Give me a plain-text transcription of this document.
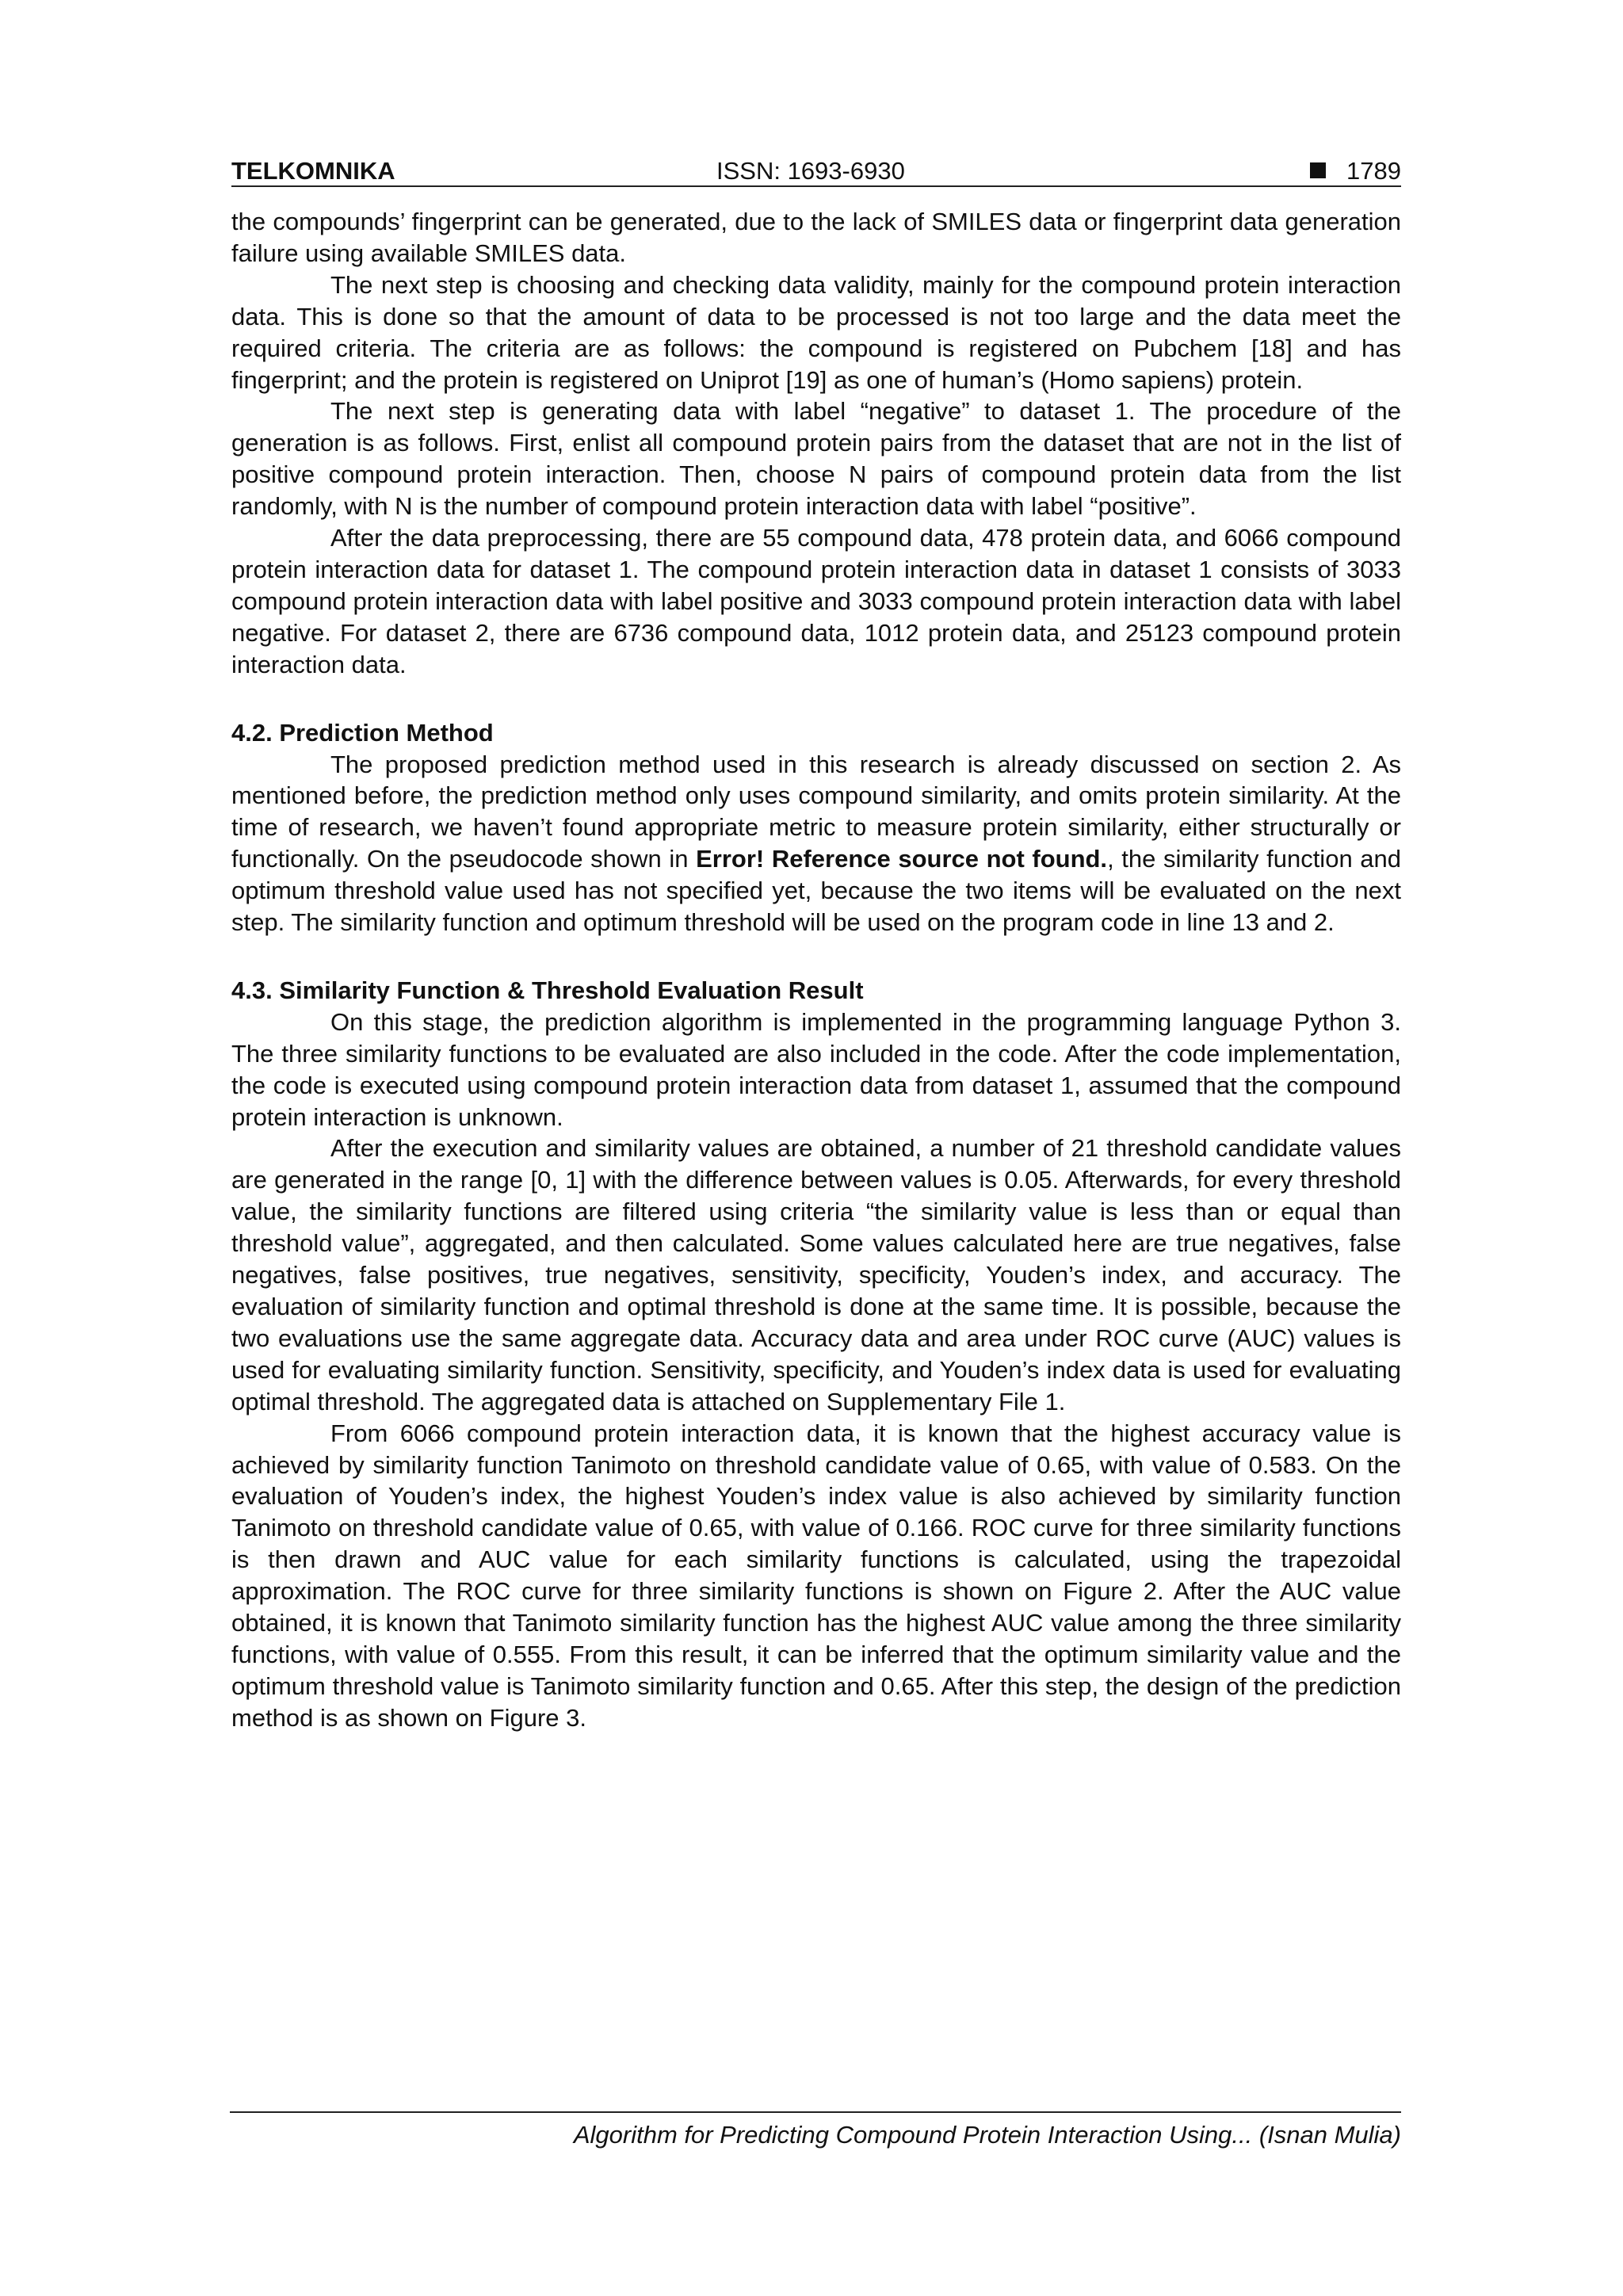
TELKOMNIKA	ISSN: 1693-6930	1789

the compounds’ fingerprint can be generated, due to the lack of SMILES data or fingerprint data generation failure using available SMILES data.

The next step is choosing and checking data validity, mainly for the compound protein interaction data. This is done so that the amount of data to be processed is not too large and the data meet the required criteria. The criteria are as follows: the compound is registered on Pubchem [18] and has fingerprint; and the protein is registered on Uniprot [19] as one of human’s (Homo sapiens) protein.

The next step is generating data with label “negative” to dataset 1. The procedure of the generation is as follows. First, enlist all compound protein pairs from the dataset that are not in the list of positive compound protein interaction. Then, choose N pairs of compound protein data from the list randomly, with N is the number of compound protein interaction data with label “positive”.

After the data preprocessing, there are 55 compound data, 478 protein data, and 6066 compound protein interaction data for dataset 1. The compound protein interaction data in dataset 1 consists of 3033 compound protein interaction data with label positive and 3033 compound protein interaction data with label negative. For dataset 2, there are 6736 compound data, 1012 protein data, and 25123 compound protein interaction data.

4.2. Prediction Method

The proposed prediction method used in this research is already discussed on section 2. As mentioned before, the prediction method only uses compound similarity, and omits protein similarity. At the time of research, we haven’t found appropriate metric to measure protein similarity, either structurally or functionally. On the pseudocode shown in Error! Reference source not found., the similarity function and optimum threshold value used has not specified yet, because the two items will be evaluated on the next step. The similarity function and optimum threshold will be used on the program code in line 13 and 2.

4.3. Similarity Function & Threshold Evaluation Result

On this stage, the prediction algorithm is implemented in the programming language Python 3. The three similarity functions to be evaluated are also included in the code. After the code implementation, the code is executed using compound protein interaction data from dataset 1, assumed that the compound protein interaction is unknown.

After the execution and similarity values are obtained, a number of 21 threshold candidate values are generated in the range [0, 1] with the difference between values is 0.05. Afterwards, for every threshold value, the similarity functions are filtered using criteria “the similarity value is less than or equal than threshold value”, aggregated, and then calculated. Some values calculated here are true negatives, false negatives, false positives, true negatives, sensitivity, specificity, Youden’s index, and accuracy. The evaluation of similarity function and optimal threshold is done at the same time. It is possible, because the two evaluations use the same aggregate data. Accuracy data and area under ROC curve (AUC) values is used for evaluating similarity function. Sensitivity, specificity, and Youden’s index data is used for evaluating optimal threshold. The aggregated data is attached on Supplementary File 1.

From 6066 compound protein interaction data, it is known that the highest accuracy value is achieved by similarity function Tanimoto on threshold candidate value of 0.65, with value of 0.583. On the evaluation of Youden’s index, the highest Youden’s index value is also achieved by similarity function Tanimoto on threshold candidate value of 0.65, with value of 0.166. ROC curve for three similarity functions is then drawn and AUC value for each similarity functions is calculated, using the trapezoidal approximation. The ROC curve for three similarity functions is shown on Figure 2. After the AUC value obtained, it is known that Tanimoto similarity function has the highest AUC value among the three similarity functions, with value of 0.555. From this result, it can be inferred that the optimum similarity value and the optimum threshold value is Tanimoto similarity function and 0.65. After this step, the design of the prediction method is as shown on Figure 3.

Algorithm for Predicting Compound Protein Interaction Using... (Isnan Mulia)
